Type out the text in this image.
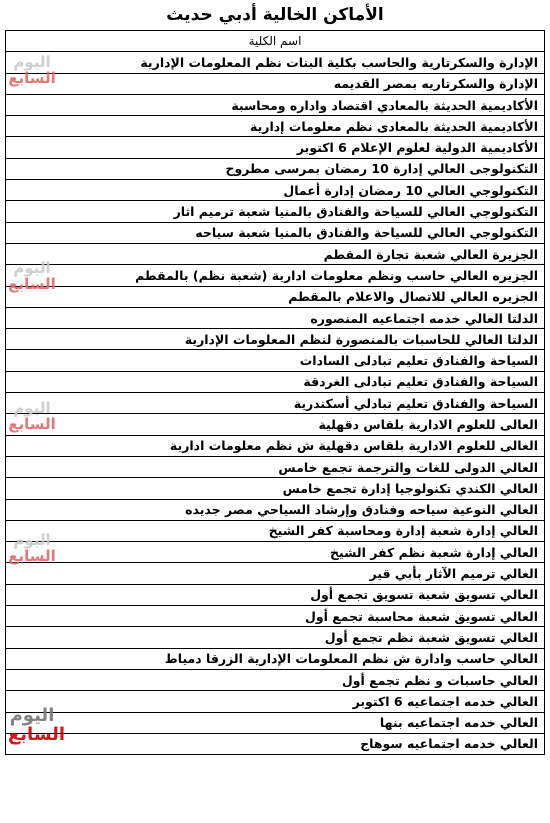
الأماكن الخالية أدبي حديث
اسم الكلية
الإدارة والسكرتارية والحاسب بكلية البنات نظم المعلومات الإدارية
الإدارة والسكرتاريه بمصر القديمه
الأكاديمية الحديثة بالمعادي اقتصاد واداره ومحاسبة
الأكاديمية الحديثة بالمعادى نظم معلومات إدارية
الأكاديمية الدولية لعلوم الإعلام 6 اكتوبر
التكنولوجى العالي إدارة 10 رمضان بمرسى مطروح
التكنولوجي العالي 10 رمضان إدارة أعمال
التكنولوجي العالي للسياحة والفنادق بالمنيا شعبة ترميم اثار
التكنولوجي العالي للسياحة والفنادق بالمنيا شعبة سياحه
الجزيرة العالي شعبة تجارة المقطم
الجزيره العالي حاسب ونظم معلومات ادارية (شعبة نظم) بالمقطم
الجزيره العالي للاتصال والاعلام بالمقطم
الدلتا العالي خدمه اجتماعيه المنصوره
الدلتا العالي للحاسبات بالمنصورة لنظم المعلومات الإدارية
السياحة والفنادق تعليم تبادلى السادات
السياحة والفنادق تعليم تبادلى الغردقة
السياحة والفنادق تعليم تبادلي أسكندرية
العالى للعلوم الادارية بلقاس دقهلية
العالى للعلوم الادارية بلقاس دقهلية ش نظم معلومات ادارية
العالي الدولى للغات والترجمة تجمع خامس
العالي الكندي تكنولوجيا إدارة تجمع خامس
العالي النوعية سياحه وفنادق وإرشاد السياحي مصر جديده
العالي إدارة شعبة إدارة ومحاسبة كفر الشيخ
العالي إدارة شعبة نظم كفر الشيخ
العالي ترميم الآثار بأبي قير
العالي تسويق شعبة تسويق تجمع أول
العالي تسويق شعبة محاسبة تجمع أول
العالي تسويق شعبة نظم تجمع أول
العالي حاسب وادارة ش نظم المعلومات الإدارية الزرقا دمياط
العالي حاسبات و نظم تجمع أول
العالي خدمه اجتماعيه 6 اكتوبر
العالي خدمه اجتماعيه بنها
العالي خدمه اجتماعيه سوهاج
اليوم
السابع
اليوم
السابع
اليوم
السابع
اليوم
السابع
اليوم
السابع
